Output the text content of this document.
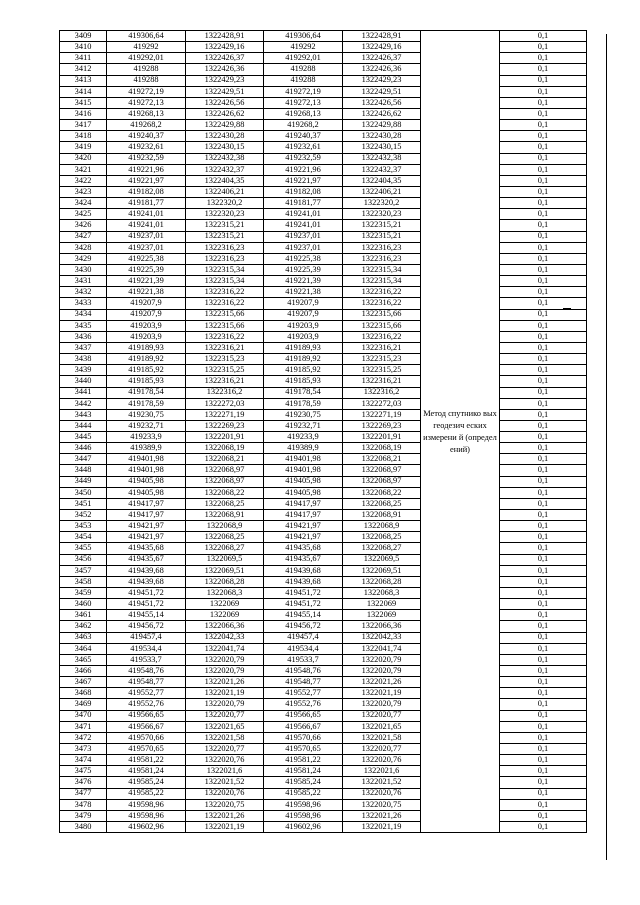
3409	419306,64	1322428,91	419306,64	1322428,91	Метод спутнико вых геодезич еских измерени й (определ ений)	0,1
3410	419292	1322429,16	419292	1322429,16		0,1
3411	419292,01	1322426,37	419292,01	1322426,37		0,1
3412	419288	1322426,36	419288	1322426,36		0,1
3413	419288	1322429,23	419288	1322429,23		0,1
3414	419272,19	1322429,51	419272,19	1322429,51		0,1
3415	419272,13	1322426,56	419272,13	1322426,56		0,1
3416	419268,13	1322426,62	419268,13	1322426,62		0,1
3417	419268,2	1322429,88	419268,2	1322429,88		0,1
3418	419240,37	1322430,28	419240,37	1322430,28		0,1
3419	419232,61	1322430,15	419232,61	1322430,15		0,1
3420	419232,59	1322432,38	419232,59	1322432,38		0,1
3421	419221,96	1322432,37	419221,96	1322432,37		0,1
3422	419221,97	1322404,35	419221,97	1322404,35		0,1
3423	419182,08	1322406,21	419182,08	1322406,21		0,1
3424	419181,77	1322320,2	419181,77	1322320,2		0,1
3425	419241,01	1322320,23	419241,01	1322320,23		0,1
3426	419241,01	1322315,21	419241,01	1322315,21		0,1
3427	419237,01	1322315,21	419237,01	1322315,21		0,1
3428	419237,01	1322316,23	419237,01	1322316,23		0,1
3429	419225,38	1322316,23	419225,38	1322316,23		0,1
3430	419225,39	1322315,34	419225,39	1322315,34		0,1
3431	419221,39	1322315,34	419221,39	1322315,34		0,1
3432	419221,38	1322316,22	419221,38	1322316,22		0,1
3433	419207,9	1322316,22	419207,9	1322316,22		0,1
3434	419207,9	1322315,66	419207,9	1322315,66		0,1
3435	419203,9	1322315,66	419203,9	1322315,66		0,1
3436	419203,9	1322316,22	419203,9	1322316,22		0,1
3437	419189,93	1322316,21	419189,93	1322316,21		0,1
3438	419189,92	1322315,23	419189,92	1322315,23		0,1
3439	419185,92	1322315,25	419185,92	1322315,25		0,1
3440	419185,93	1322316,21	419185,93	1322316,21		0,1
3441	419178,54	1322316,2	419178,54	1322316,2		0,1
3442	419178,59	1322272,03	419178,59	1322272,03		0,1
3443	419230,75	1322271,19	419230,75	1322271,19		0,1
3444	419232,71	1322269,23	419232,71	1322269,23		0,1
3445	419233,9	1322201,91	419233,9	1322201,91		0,1
3446	419389,9	1322068,19	419389,9	1322068,19		0,1
3447	419401,98	1322068,21	419401,98	1322068,21		0,1
3448	419401,98	1322068,97	419401,98	1322068,97		0,1
3449	419405,98	1322068,97	419405,98	1322068,97		0,1
3450	419405,98	1322068,22	419405,98	1322068,22		0,1
3451	419417,97	1322068,25	419417,97	1322068,25		0,1
3452	419417,97	1322068,91	419417,97	1322068,91		0,1
3453	419421,97	1322068,9	419421,97	1322068,9		0,1
3454	419421,97	1322068,25	419421,97	1322068,25		0,1
3455	419435,68	1322068,27	419435,68	1322068,27		0,1
3456	419435,67	1322069,5	419435,67	1322069,5		0,1
3457	419439,68	1322069,51	419439,68	1322069,51		0,1
3458	419439,68	1322068,28	419439,68	1322068,28		0,1
3459	419451,72	1322068,3	419451,72	1322068,3		0,1
3460	419451,72	1322069	419451,72	1322069		0,1
3461	419455,14	1322069	419455,14	1322069		0,1
3462	419456,72	1322066,36	419456,72	1322066,36		0,1
3463	419457,4	1322042,33	419457,4	1322042,33		0,1
3464	419534,4	1322041,74	419534,4	1322041,74		0,1
3465	419533,7	1322020,79	419533,7	1322020,79		0,1
3466	419548,76	1322020,79	419548,76	1322020,79		0,1
3467	419548,77	1322021,26	419548,77	1322021,26		0,1
3468	419552,77	1322021,19	419552,77	1322021,19		0,1
3469	419552,76	1322020,79	419552,76	1322020,79		0,1
3470	419566,65	1322020,77	419566,65	1322020,77		0,1
3471	419566,67	1322021,65	419566,67	1322021,65		0,1
3472	419570,66	1322021,58	419570,66	1322021,58		0,1
3473	419570,65	1322020,77	419570,65	1322020,77		0,1
3474	419581,22	1322020,76	419581,22	1322020,76		0,1
3475	419581,24	1322021,6	419581,24	1322021,6		0,1
3476	419585,24	1322021,52	419585,24	1322021,52		0,1
3477	419585,22	1322020,76	419585,22	1322020,76		0,1
3478	419598,96	1322020,75	419598,96	1322020,75		0,1
3479	419598,96	1322021,26	419598,96	1322021,26		0,1
3480	419602,96	1322021,19	419602,96	1322021,19		0,1
